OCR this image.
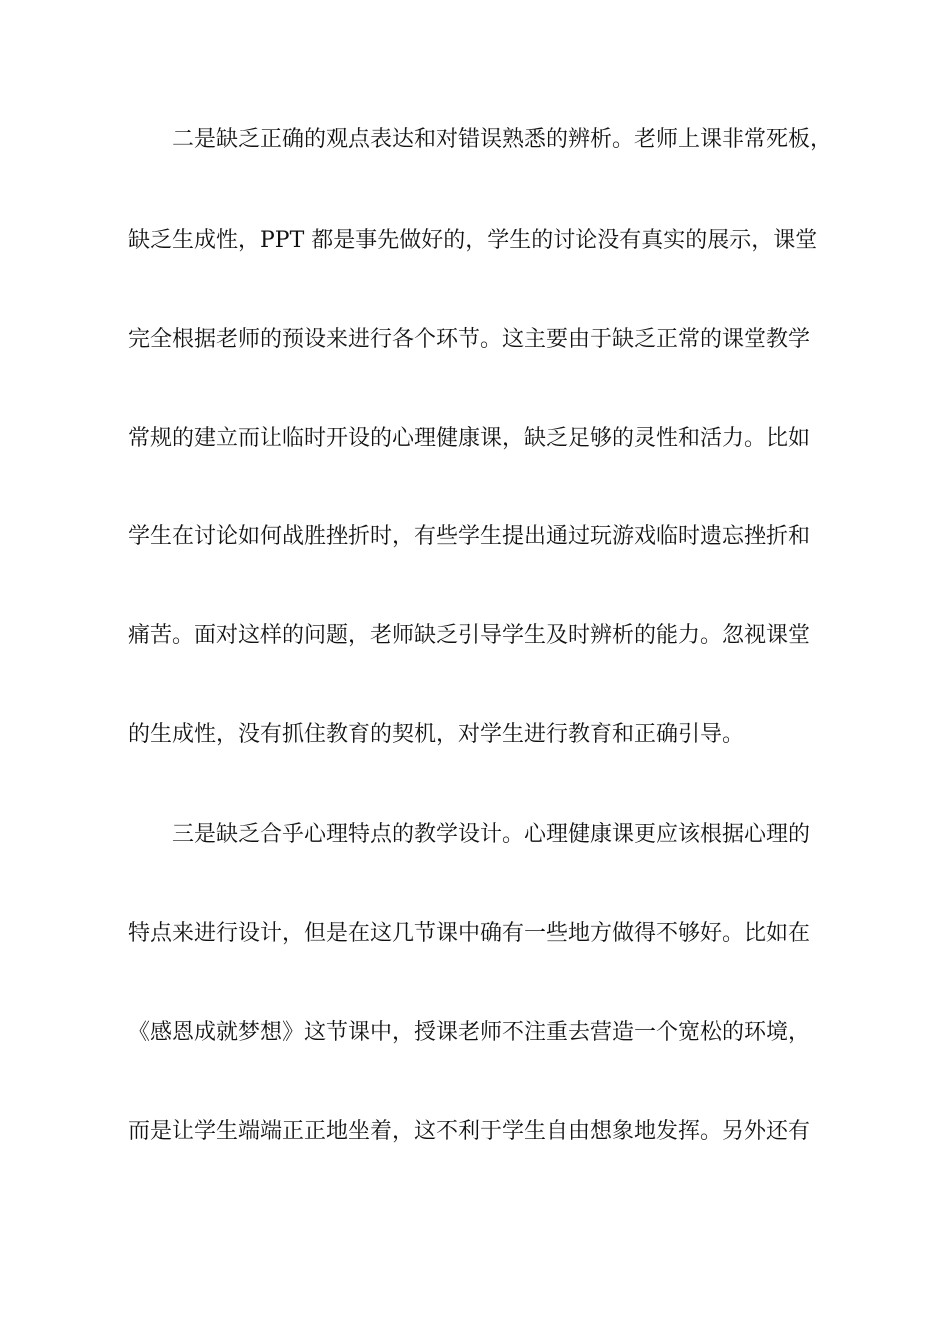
二是缺乏正确的观点表达和对错误熟悉的辨析。老师上课非常死板，
缺乏生成性，PPT 都是事先做好的，学生的讨论没有真实的展示，课堂
完全根据老师的预设来进行各个环节。这主要由于缺乏正常的课堂教学
常规的建立而让临时开设的心理健康课，缺乏足够的灵性和活力。比如
学生在讨论如何战胜挫折时，有些学生提出通过玩游戏临时遗忘挫折和
痛苦。面对这样的问题，老师缺乏引导学生及时辨析的能力。忽视课堂
的生成性，没有抓住教育的契机，对学生进行教育和正确引导。
三是缺乏合乎心理特点的教学设计。心理健康课更应该根据心理的
特点来进行设计，但是在这几节课中确有一些地方做得不够好。比如在
《感恩成就梦想》这节课中，授课老师不注重去营造一个宽松的环境，
而是让学生端端正正地坐着，这不利于学生自由想象地发挥。另外还有
